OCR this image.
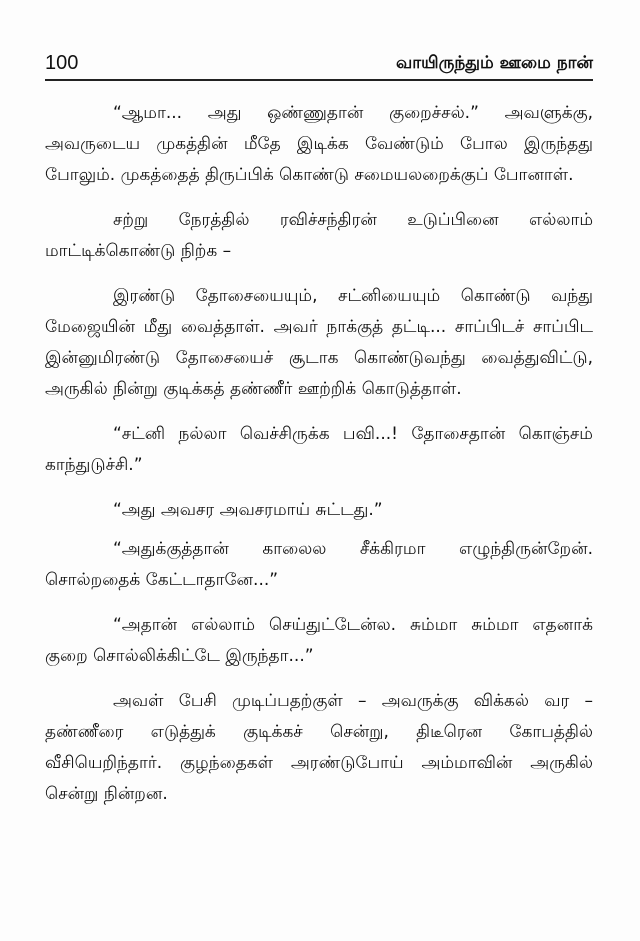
100	வாயிருந்தும் ஊமை நான்

“ஆமா... அது ஒண்ணுதான் குறைச்சல்.” அவளுக்கு, அவருடைய முகத்தின் மீதே இடிக்க வேண்டும் போல இருந்தது போலும். முகத்தைத் திருப்பிக் கொண்டு சமையலறைக்குப் போனாள்.

சற்று நேரத்தில் ரவிச்சந்திரன் உடுப்பினை எல்லாம் மாட்டிக்கொண்டு நிற்க –

இரண்டு தோசையையும், சட்னியையும் கொண்டு வந்து மேஜையின் மீது வைத்தாள். அவர் நாக்குத் தட்டி... சாப்பிடச் சாப்பிட இன்னுமிரண்டு தோசையைச் சூடாக கொண்டுவந்து வைத்துவிட்டு, அருகில் நின்று குடிக்கத் தண்ணீர் ஊற்றிக் கொடுத்தாள்.

“சட்னி நல்லா வெச்சிருக்க பவி...! தோசைதான் கொஞ்சம் காந்துடுச்சி.”

“அது அவசர அவசரமாய் சுட்டது.”

“அதுக்குத்தான் காலைல சீக்கிரமா எழுந்திருன்றேன். சொல்றதைக் கேட்டாதானே...”

“அதான் எல்லாம் செய்துட்டேன்ல. சும்மா சும்மா எதனாக் குறை சொல்லிக்கிட்டே இருந்தா...”

அவள் பேசி முடிப்பதற்குள் – அவருக்கு விக்கல் வர – தண்ணீரை எடுத்துக் குடிக்கச் சென்று, திடீரென கோபத்தில் வீசியெறிந்தார். குழந்தைகள் அரண்டுபோய் அம்மாவின் அருகில் சென்று நின்றன.
